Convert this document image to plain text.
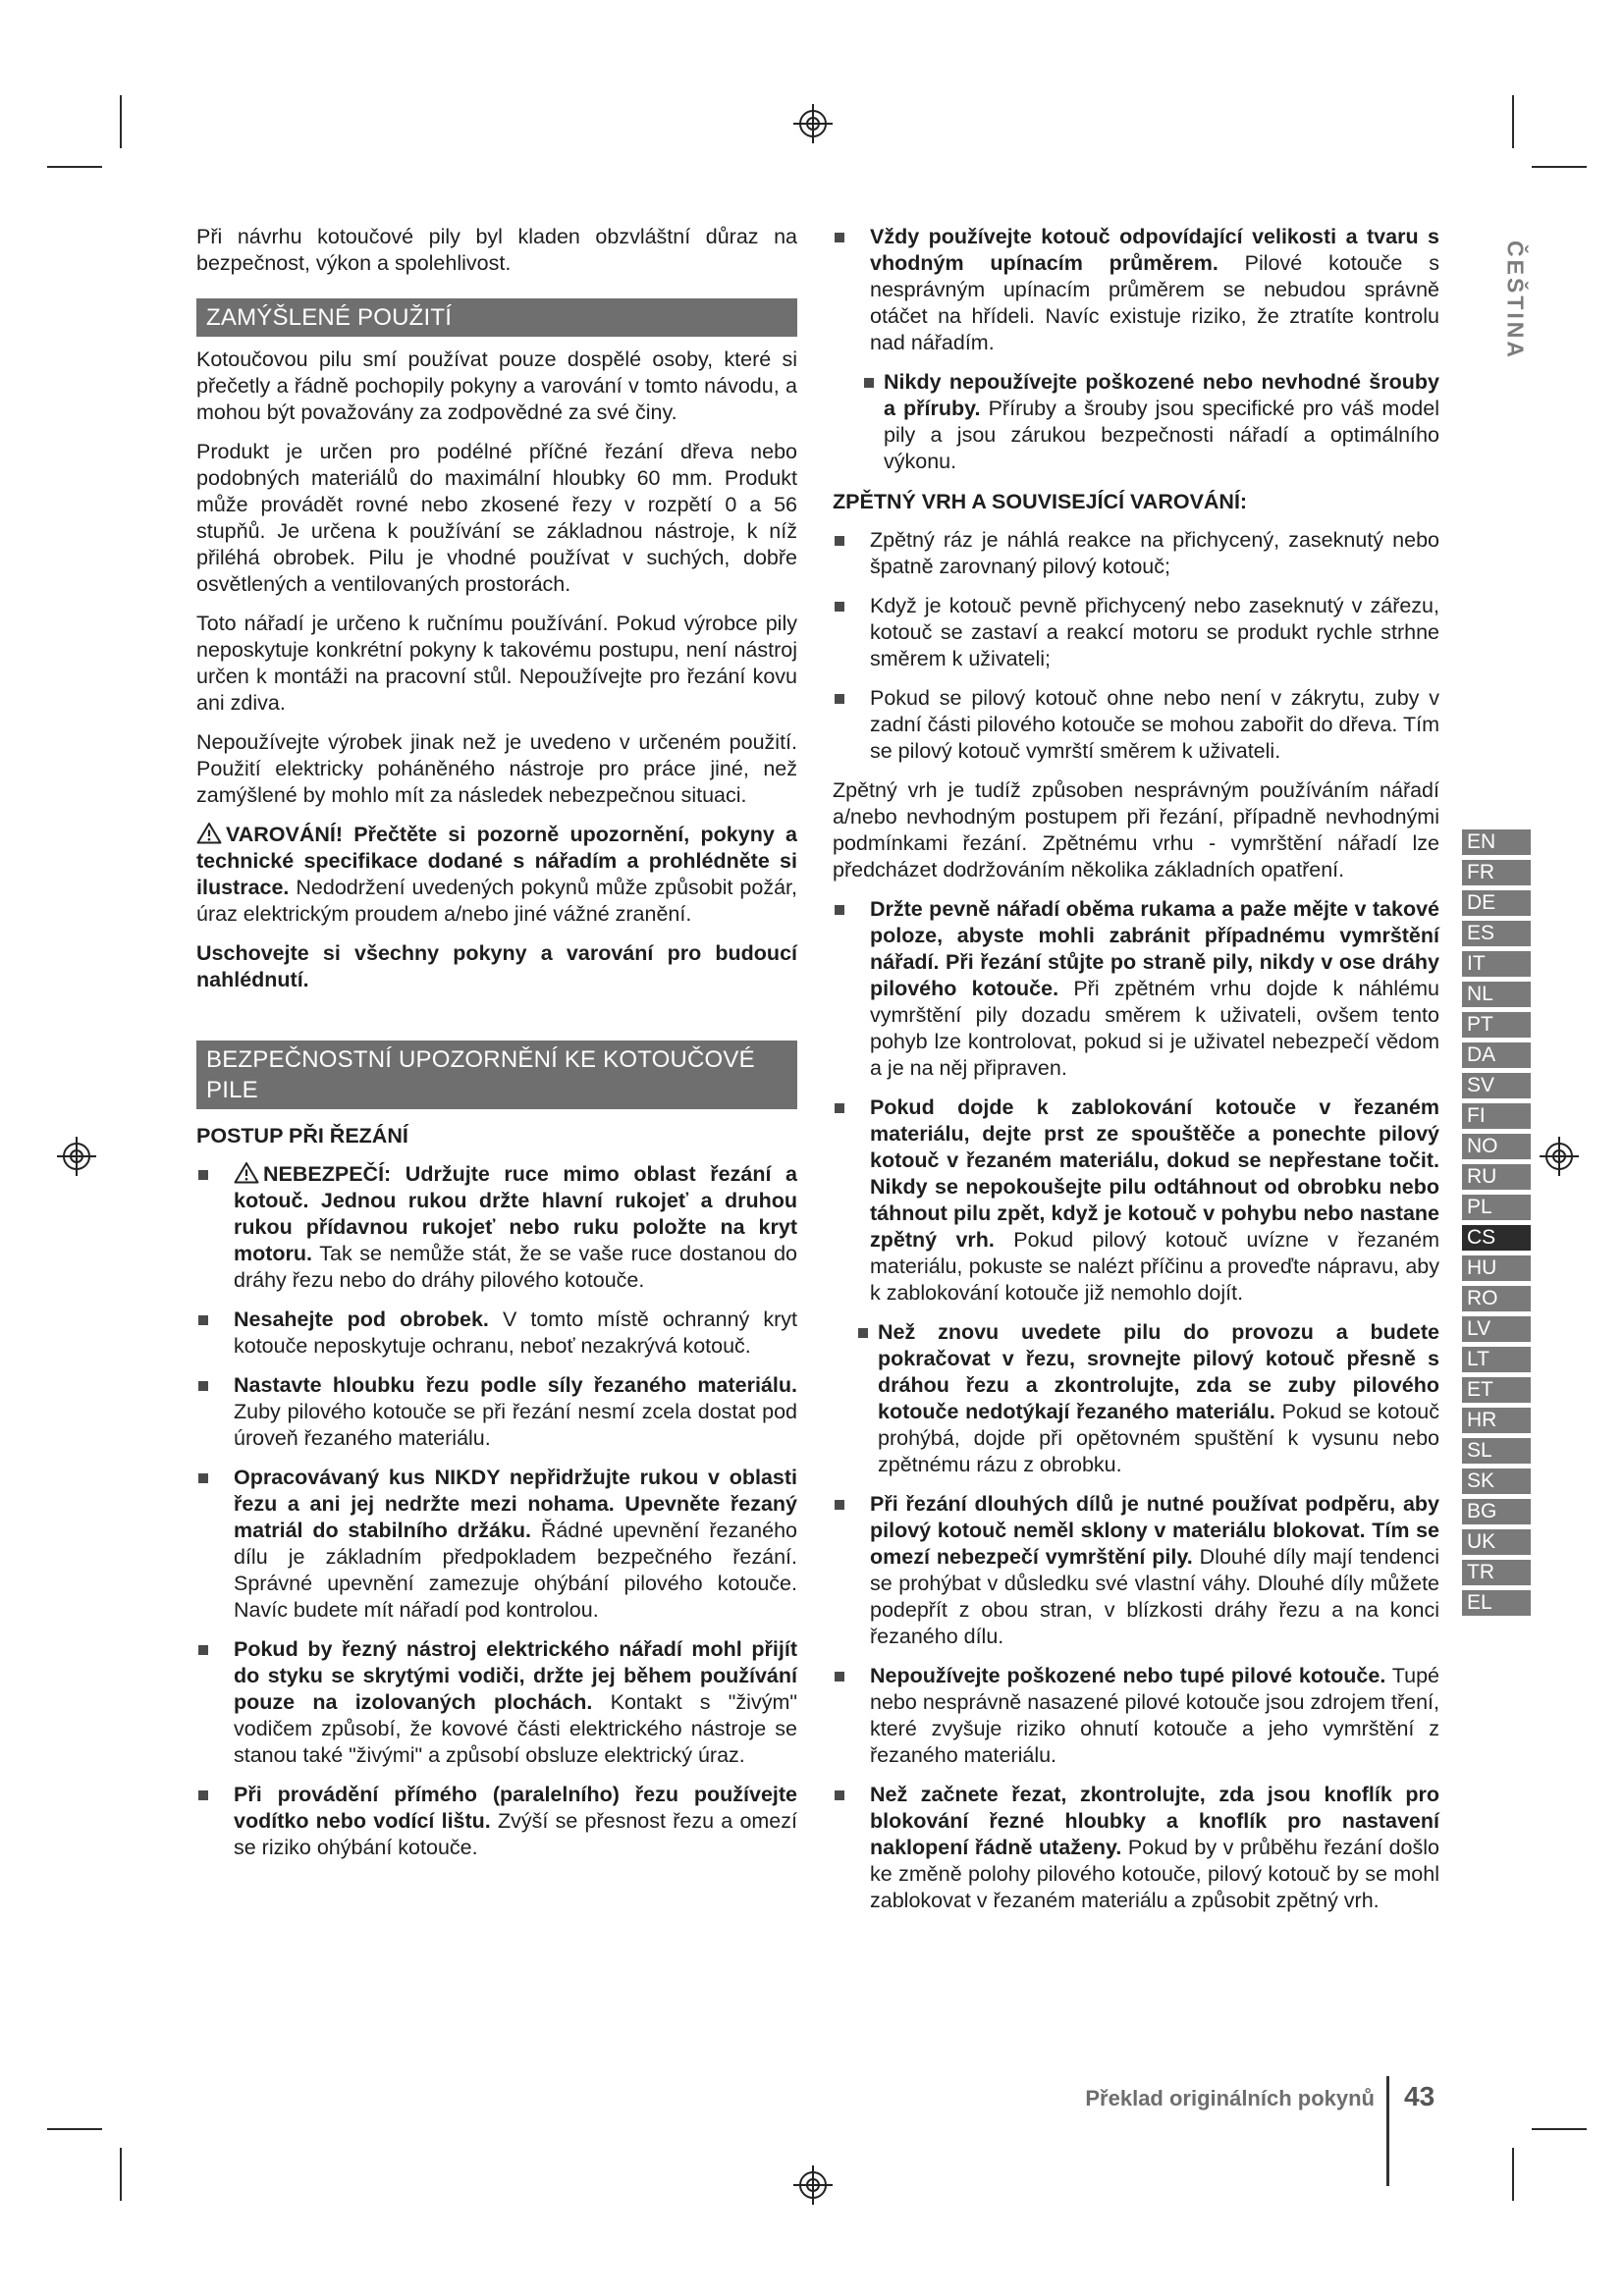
Při návrhu kotoučové pily byl kladen obzvláštní důraz na bezpečnost, výkon a spolehlivost.

ZAMÝŠLENÉ POUŽITÍ

Kotoučovou pilu smí používat pouze dospělé osoby, které si přečetly a řádně pochopily pokyny a varování v tomto návodu, a mohou být považovány za zodpovědné za své činy.

Produkt je určen pro podélné příčné řezání dřeva nebo podobných materiálů do maximální hloubky 60 mm. Produkt může provádět rovné nebo zkosené řezy v rozpětí 0 a 56 stupňů. Je určena k používání se základnou nástroje, k níž přiléhá obrobek. Pilu je vhodné používat v suchých, dobře osvětlených a ventilovaných prostorách.

Toto nářadí je určeno k ručnímu používání. Pokud výrobce pily neposkytuje konkrétní pokyny k takovému postupu, není nástroj určen k montáži na pracovní stůl. Nepoužívejte pro řezání kovu ani zdiva.

Nepoužívejte výrobek jinak než je uvedeno v určeném použití. Použití elektricky poháněného nástroje pro práce jiné, než zamýšlené by mohlo mít za následek nebezpečnou situaci.

VAROVÁNÍ! Přečtěte si pozorně upozornění, pokyny a technické specifikace dodané s nářadím a prohlédněte si ilustrace. Nedodržení uvedených pokynů může způsobit požár, úraz elektrickým proudem a/nebo jiné vážné zranění.

Uschovejte si všechny pokyny a varování pro budoucí nahlédnutí.

BEZPEČNOSTNÍ UPOZORNĚNÍ KE KOTOUČOVÉ PILE
POSTUP PŘI ŘEZÁNÍ
NEBEZPEČÍ: Udržujte ruce mimo oblast řezání a kotouč. Jednou rukou držte hlavní rukojeť a druhou rukou přídavnou rukojeť nebo ruku položte na kryt motoru. Tak se nemůže stát, že se vaše ruce dostanou do dráhy řezu nebo do dráhy pilového kotouče.
Nesahejte pod obrobek. V tomto místě ochranný kryt kotouče neposkytuje ochranu, neboť nezakrývá kotouč.
Nastavte hloubku řezu podle síly řezaného materiálu. Zuby pilového kotouče se při řezání nesmí zcela dostat pod úroveň řezaného materiálu.
Opracovávaný kus NIKDY nepřidržujte rukou v oblasti řezu a ani jej nedržte mezi nohama. Upevněte řezaný matriál do stabilního držáku. Řádné upevnění řezaného dílu je základním předpokladem bezpečného řezání. Správné upevnění zamezuje ohýbání pilového kotouče. Navíc budete mít nářadí pod kontrolou.
Pokud by řezný nástroj elektrického nářadí mohl přijít do styku se skrytými vodiči, držte jej během používání pouze na izolovaných plochách. Kontakt s "živým" vodičem způsobí, že kovové části elektrického nástroje se stanou také "živými" a způsobí obsluze elektrický úraz.
Při provádění přímého (paralelního) řezu používejte vodítko nebo vodící lištu. Zvýší se přesnost řezu a omezí se riziko ohýbání kotouče.
Vždy používejte kotouč odpovídající velikosti a tvaru s vhodným upínacím průměrem. Pilové kotouče s nesprávným upínacím průměrem se nebudou správně otáčet na hřídeli. Navíc existuje riziko, že ztratíte kontrolu nad nářadím.
Nikdy nepoužívejte poškozené nebo nevhodné šrouby a příruby. Příruby a šrouby jsou specifické pro váš model pily a jsou zárukou bezpečnosti nářadí a optimálního výkonu.
ZPĚTNÝ VRH A SOUVISEJÍCÍ VAROVÁNÍ:
Zpětný ráz je náhlá reakce na přichycený, zaseknutý nebo špatně zarovnaný pilový kotouč;
Když je kotouč pevně přichycený nebo zaseknutý v zářezu, kotouč se zastaví a reakcí motoru se produkt rychle strhne směrem k uživateli;
Pokud se pilový kotouč ohne nebo není v zákrytu, zuby v zadní části pilového kotouče se mohou zabořit do dřeva. Tím se pilový kotouč vymrští směrem k uživateli.

Zpětný vrh je tudíž způsoben nesprávným používáním nářadí a/nebo nevhodným postupem při řezání, případně nevhodnými podmínkami řezání. Zpětnému vrhu - vymrštění nářadí lze předcházet dodržováním několika základních opatření.

Držte pevně nářadí oběma rukama a paže mějte v takové poloze, abyste mohli zabránit případnému vymrštění nářadí. Při řezání stůjte po straně pily, nikdy v ose dráhy pilového kotouče. Při zpětném vrhu dojde k náhlému vymrštění pily dozadu směrem k uživateli, ovšem tento pohyb lze kontrolovat, pokud si je uživatel nebezpečí vědom a je na něj připraven.
Pokud dojde k zablokování kotouče v řezaném materiálu, dejte prst ze spouštěče a ponechte pilový kotouč v řezaném materiálu, dokud se nepřestane točit. Nikdy se nepokoušejte pilu odtáhnout od obrobku nebo táhnout pilu zpět, když je kotouč v pohybu nebo nastane zpětný vrh. Pokud pilový kotouč uvízne v řezaném materiálu, pokuste se nalézt příčinu a proveďte nápravu, aby k zablokování kotouče již nemohlo dojít.
Než znovu uvedete pilu do provozu a budete pokračovat v řezu, srovnejte pilový kotouč přesně s dráhou řezu a zkontrolujte, zda se zuby pilového kotouče nedotýkají řezaného materiálu. Pokud se kotouč prohýbá, dojde při opětovném spuštění k vysunu nebo zpětnému rázu z obrobku.
Při řezání dlouhých dílů je nutné používat podpěru, aby pilový kotouč neměl sklony v materiálu blokovat. Tím se omezí nebezpečí vymrštění pily. Dlouhé díly mají tendenci se prohýbat v důsledku své vlastní váhy. Dlouhé díly můžete podepřít z obou stran, v blízkosti dráhy řezu a na konci řezaného dílu.
Nepoužívejte poškozené nebo tupé pilové kotouče. Tupé nebo nesprávně nasazené pilové kotouče jsou zdrojem tření, které zvyšuje riziko ohnutí kotouče a jeho vymrštění z řezaného materiálu.
Než začnete řezat, zkontrolujte, zda jsou knoflík pro blokování řezné hloubky a knoflík pro nastavení naklopení řádně utaženy. Pokud by v průběhu řezání došlo ke změně polohy pilového kotouče, pilový kotouč by se mohl zablokovat v řezaném materiálu a způsobit zpětný vrh.
ČEŠTINA
EN
FR
DE
ES
IT
NL
PT
DA
SV
FI
NO
RU
PL
CS
HU
RO
LV
LT
ET
HR
SL
SK
BG
UK
TR
EL
Překlad originálních pokynů 43
